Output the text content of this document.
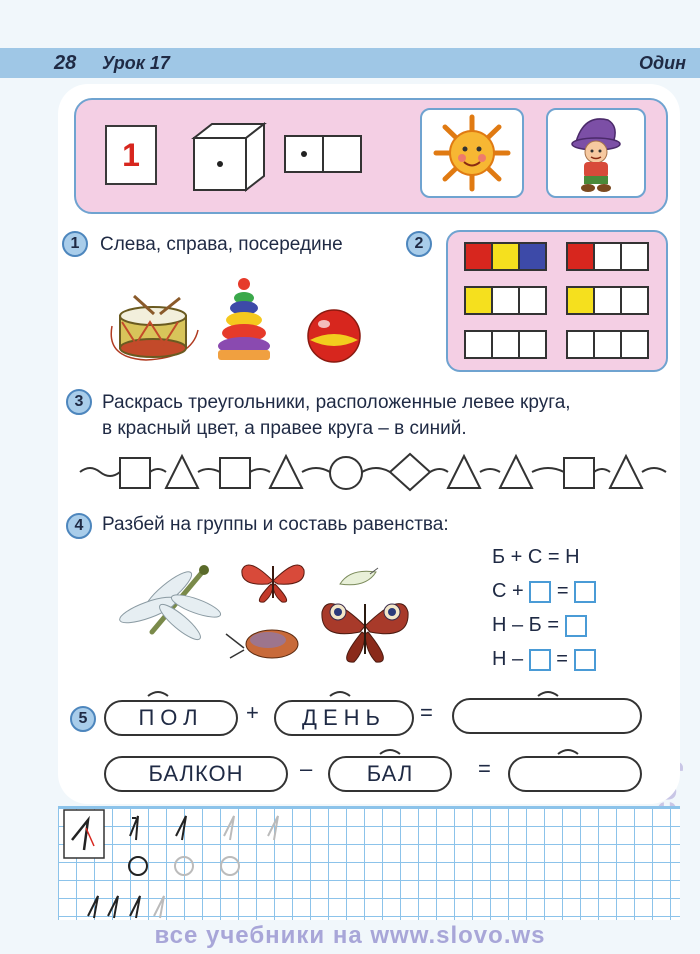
28 Урок 17	Один
1
1	Слева, справа, посередине	2
3 Раскрась треугольники, расположенные левее круга,
в красный цвет, а правее круга – в синий.
4 Разбей на группы и составь равенства:
Б + С = Н
С + =
Н – Б =
Н – =
5	ПОЛ	+	ДЕНЬ	=
БАЛКОН	–	БАЛ	=
все учебники на www.slovo.ws
